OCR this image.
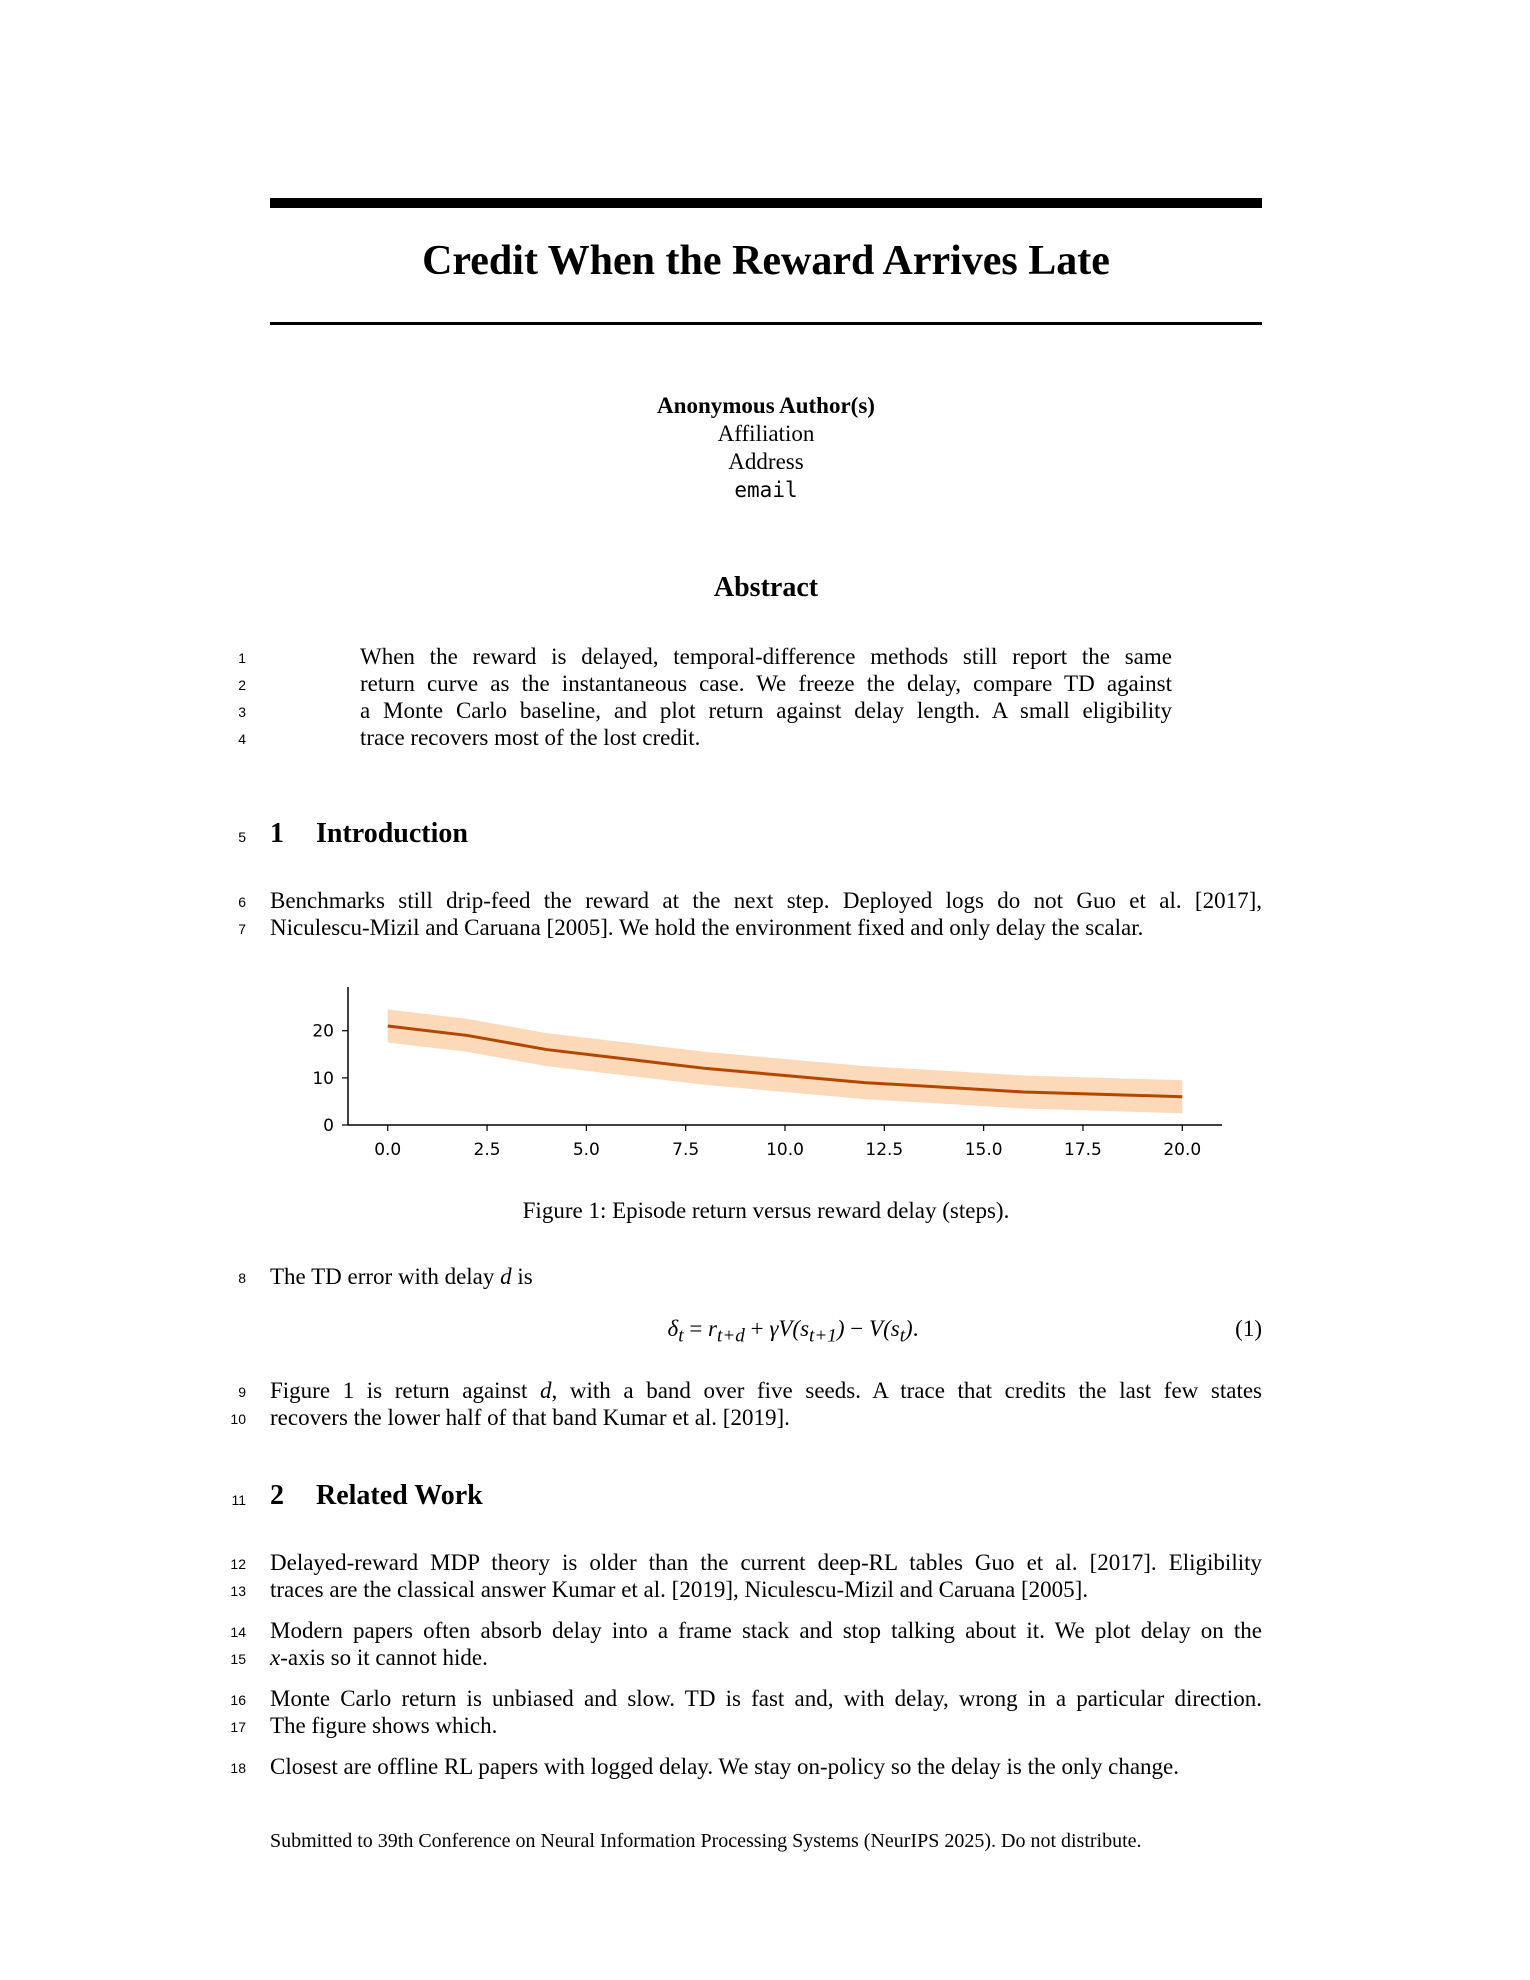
Credit When the Reward Arrives Late
Anonymous Author(s)
Affiliation
Address
email
Abstract
1	When the reward is delayed, temporal-difference methods still report the same
2	return curve as the instantaneous case. We freeze the delay, compare TD against
3	a Monte Carlo baseline, and plot return against delay length. A small eligibility
4	trace recovers most of the lost credit.
5 1 Introduction
6 Benchmarks still drip-feed the reward at the next step. Deployed logs do not Guo et al. [2017],
7 Niculescu-Mizil and Caruana [2005]. We hold the environment fixed and only delay the scalar.
0.0	2.5	5.0	7.5	10.0	12.5	15.0	17.5	20.0
0
10
20
Figure 1: Episode return versus reward delay (steps).
8 The TD error with delay d is
$\delta_t = r_{t+d} + \gamma V(s_{t+1}) - V(s_t)$.	(1)
9 Figure 1 is return against d, with a band over five seeds. A trace that credits the last few states
10 recovers the lower half of that band Kumar et al. [2019].
11 2 Related Work
12 Delayed-reward MDP theory is older than the current deep-RL tables Guo et al. [2017]. Eligibility
13 traces are the classical answer Kumar et al. [2019], Niculescu-Mizil and Caruana [2005].
14 Modern papers often absorb delay into a frame stack and stop talking about it. We plot delay on the
15 x-axis so it cannot hide.
16 Monte Carlo return is unbiased and slow. TD is fast and, with delay, wrong in a particular direction.
17 The figure shows which.
18 Closest are offline RL papers with logged delay. We stay on-policy so the delay is the only change.
Submitted to 39th Conference on Neural Information Processing Systems (NeurIPS 2025). Do not distribute.
